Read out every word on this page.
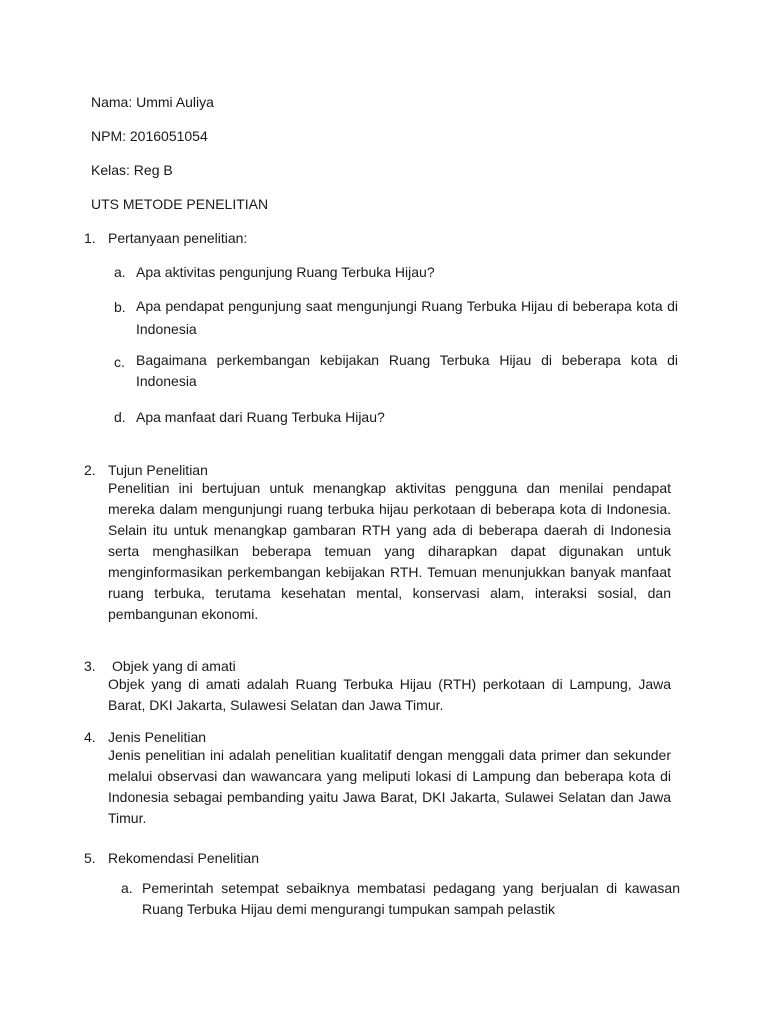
Nama: Ummi Auliya
NPM: 2016051054
Kelas: Reg B
UTS METODE PENELITIAN
1. Pertanyaan penelitian:
a. Apa aktivitas pengunjung Ruang Terbuka Hijau?
b. Apa pendapat pengunjung saat mengunjungi Ruang Terbuka Hijau di beberapa kota di Indonesia
c. Bagaimana perkembangan kebijakan Ruang Terbuka Hijau di beberapa kota di Indonesia
d. Apa manfaat dari Ruang Terbuka Hijau?
2. Tujun Penelitian
Penelitian ini bertujuan untuk menangkap aktivitas pengguna dan menilai pendapat mereka dalam mengunjungi ruang terbuka hijau perkotaan di beberapa kota di Indonesia. Selain itu untuk menangkap gambaran RTH yang ada di beberapa daerah di Indonesia serta menghasilkan beberapa temuan yang diharapkan dapat digunakan untuk menginformasikan perkembangan kebijakan RTH. Temuan menunjukkan banyak manfaat ruang terbuka, terutama kesehatan mental, konservasi alam, interaksi sosial, dan pembangunan ekonomi.
3. Objek yang di amati
Objek yang di amati adalah Ruang Terbuka Hijau (RTH) perkotaan di Lampung, Jawa Barat, DKI Jakarta, Sulawesi Selatan dan Jawa Timur.
4. Jenis Penelitian
Jenis penelitian ini adalah penelitian kualitatif dengan menggali data primer dan sekunder melalui observasi dan wawancara yang meliputi lokasi di Lampung dan beberapa kota di Indonesia sebagai pembanding yaitu Jawa Barat, DKI Jakarta, Sulawei Selatan dan Jawa Timur.
5. Rekomendasi Penelitian
a. Pemerintah setempat sebaiknya membatasi pedagang yang berjualan di kawasan Ruang Terbuka Hijau demi mengurangi tumpukan sampah pelastik
